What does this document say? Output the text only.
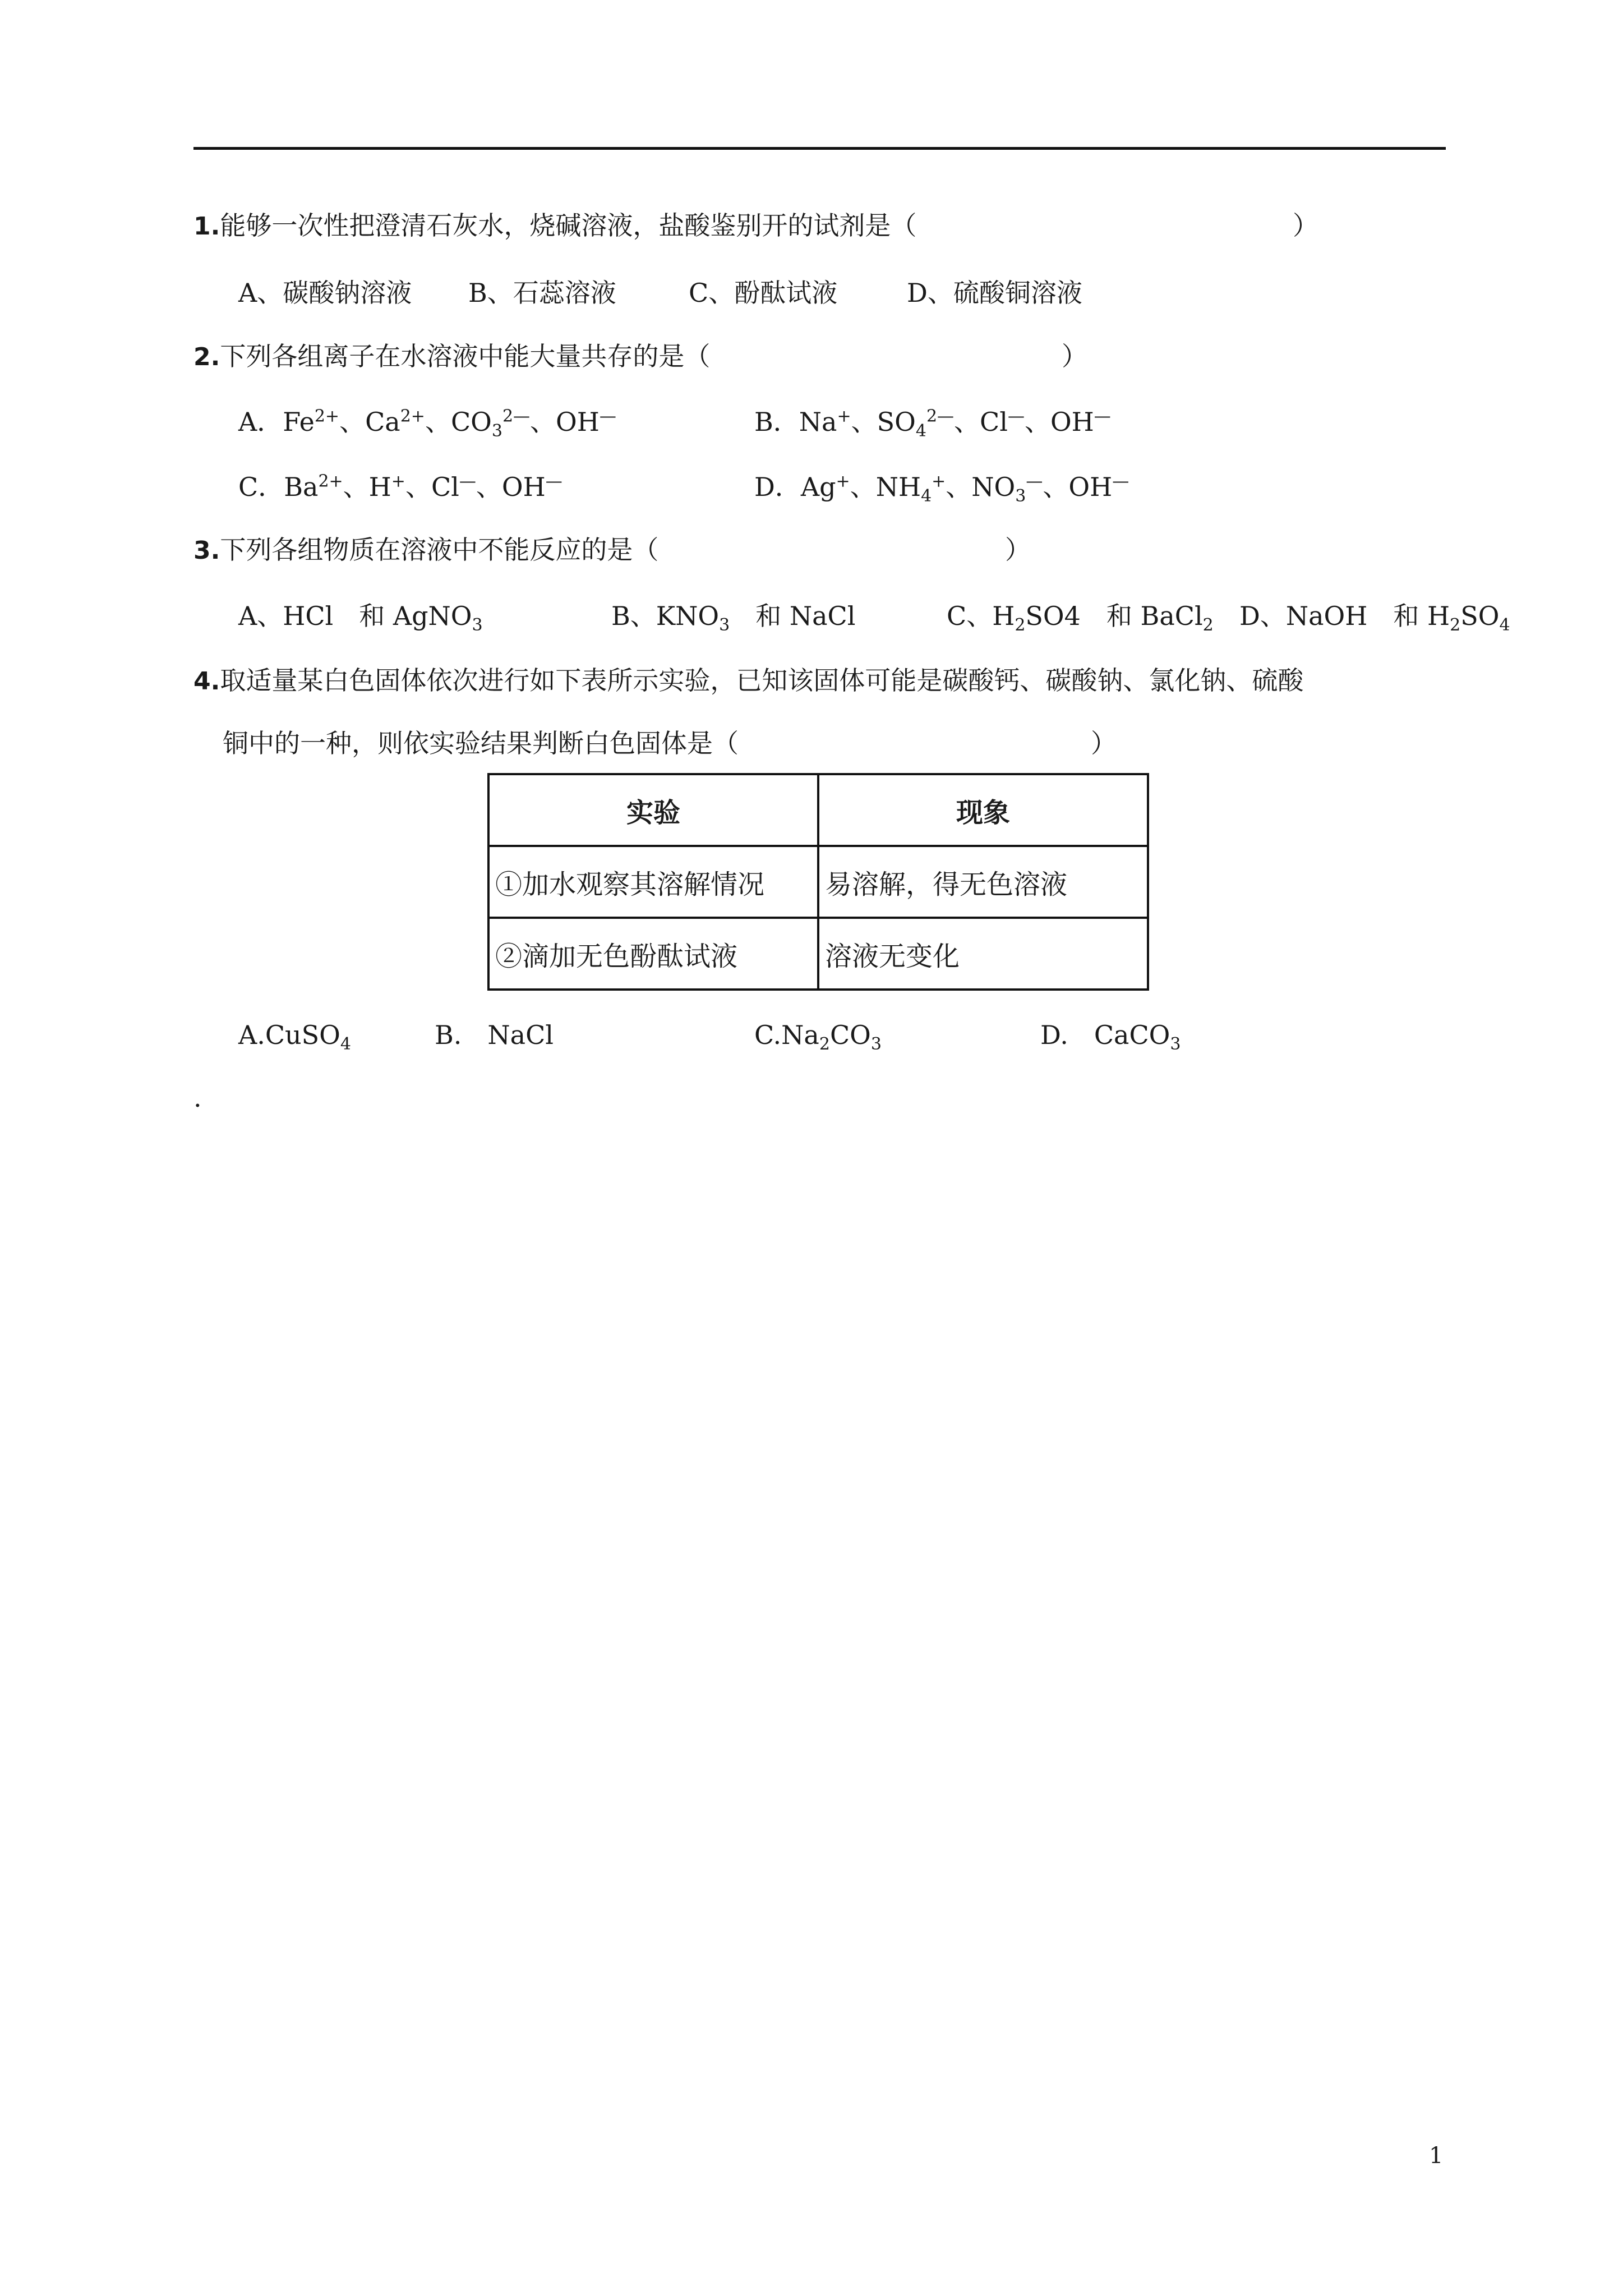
1.能够一次性把澄清石灰水，烧碱溶液，盐酸鉴别开的试剂是（	）
A、碳酸钠溶液 B、石蕊溶液	C、酚酞试液	D、硫酸铜溶液
2.下列各组离子在水溶液中能大量共存的是（	）
A．$Fe^{2+}$、$Ca^{2+}$、$CO_3^{2—}$、OH—	B．Na+、$SO_4^{2—}$、Cl—、OH—
C．$Ba^{2+}$、H+、Cl—、OH—	D．Ag+、$NH_4^+$、$NO_3^—$、OH—
3.下列各组物质在溶液中不能反应的是（	）
A、HCl　和 AgNO$_3$	B、$KNO_3$　和 NaCl	C、$H_2SO4$　和 BaCl$_2$ D、NaOH　和 $H_2SO_4$
4.取适量某白色固体依次进行如下表所示实验，已知该固体可能是碳酸钙、碳酸钠、氯化钠、硫酸
铜中的一种，则依实验结果判断白色固体是（	）
实验	现象
①加水观察其溶解情况	易溶解，得无色溶液
②滴加无色酚酞试液	溶液无变化
A.CuSO$_4$	B.　NaCl	$C.Na_2CO_3$	D.　CaCO$_3$
.
1
